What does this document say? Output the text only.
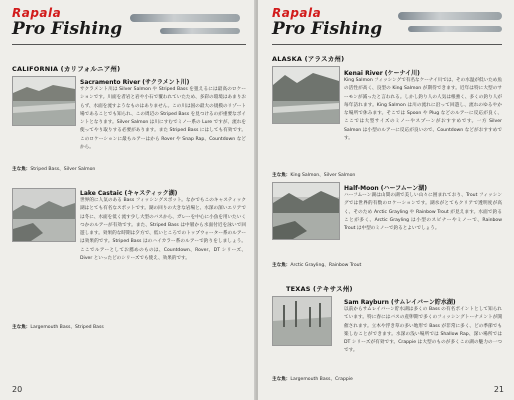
Rapala
Pro Fishing
CALIFORNIA (カリフォルニア州)
Sacramento River (サクラメント川)
サクラメント川は Silver Salmon や Striped Bass を狙えるには最高のロケーションです。川面を者岩と岩や小石で覆われていたため、多彩の環境はあまりおらず、水面を流すようなものはありません。この川は国の最大の規模のリゾート場であることでも知られ、この周辺の Striped Bass を見つけるのが重要なポイントとなります。Silver Salmon は川にすむでミノー系の Lure ですが、流れを使ってやり取りする必要があります。また Striped Bass にはしても有効です。このロケーションに最もルアーはから Rover や Snap Rap、Countdown などから。
主な魚：Striped Bass、Silver Salmon
Lake Castaic (キャスティック湖)
世界的に人気のある Bass フィッシングスポット。なかでもこのキャスティック湖はとても有名なスポットです。湖の回りの大きな岩場と、水深の深いエリアでは冬に、水面を低く流す少し大型のバスから、ガレーを中心に小魚を用いたいくつかのルアーが有効です。また、Striped Bass は中層から水面付近を泳いで回遊します。効果的な時期は夕方で、低いところでのトップウォーター系のルアーは効果的です。Striped Bass はのハイカラー系のルアーで釣りをしましょう。ここでルアーとしてお薦めのものは、Countdown、Rover、DT シリーズ、Diver といったどのシリーズでも使え、効果的です。
主な魚：Largemouth Bass、Striped Bass
20
Rapala
Pro Fishing
ALASKA (アラスカ州)
Kenai River (ケーナイ川)
King Salmon フィッシングで有名なケーナイ川では、その水温が低いため魚の活性が高く、良型の King Salmon が期待できます。近年は特に大型のサーモンが減ったと言われる。しかし釣り人の人気は根強く、多くの釣り人が毎年訪れます。King Salmon は川の流れに沿って回遊し、流れのゆるやかな場所で休みます。そこでは Spoon や Plug などのルアーに反応が良く、ここでは大型サイズのミノーやスプーンがおすすめです。一方 Silver Salmon は小型のルアーに反応が良いので、Countdown などがおすすめです。
主な魚：King Salmon、Silver Salmon
Half-Moon (ハーフムーン湖)
ハーフムーン湖は山間の湖で美しい山々に囲まれており、Trout フィッシングでは世界的有数のロケーションです。湖水がとてもクリアで透明度が高く、そのため Arctic Grayling や Rainbow Trout が見えます。水面で釣ることが多く、Arctic Grayling は小型のスピナーやミノーで、Rainbow Trout は中型のミノーで釣るとよいでしょう。
主な魚：Arctic Grayling、Rainbow Trout
TEXAS (テキサス州)
Sam Rayburn (サムレイバーン貯水湖)
以前からサムレイバーン貯水湖は多くの Bass の有名ポイントとして知られています。特に春にはバスの産卵期で多くのフィッシングトーナメントが開催されます。立木や浮き草の多い地形で Bass が非常に多く、どの季節でも楽しむことができます。水深の浅い場所では Shallow Rap、深い場所では DT シリーズが有効です。Crappie は大型のものが多くこの湖の魅力の一つです。
主な魚：Largemouth Bass、Crappie
21
